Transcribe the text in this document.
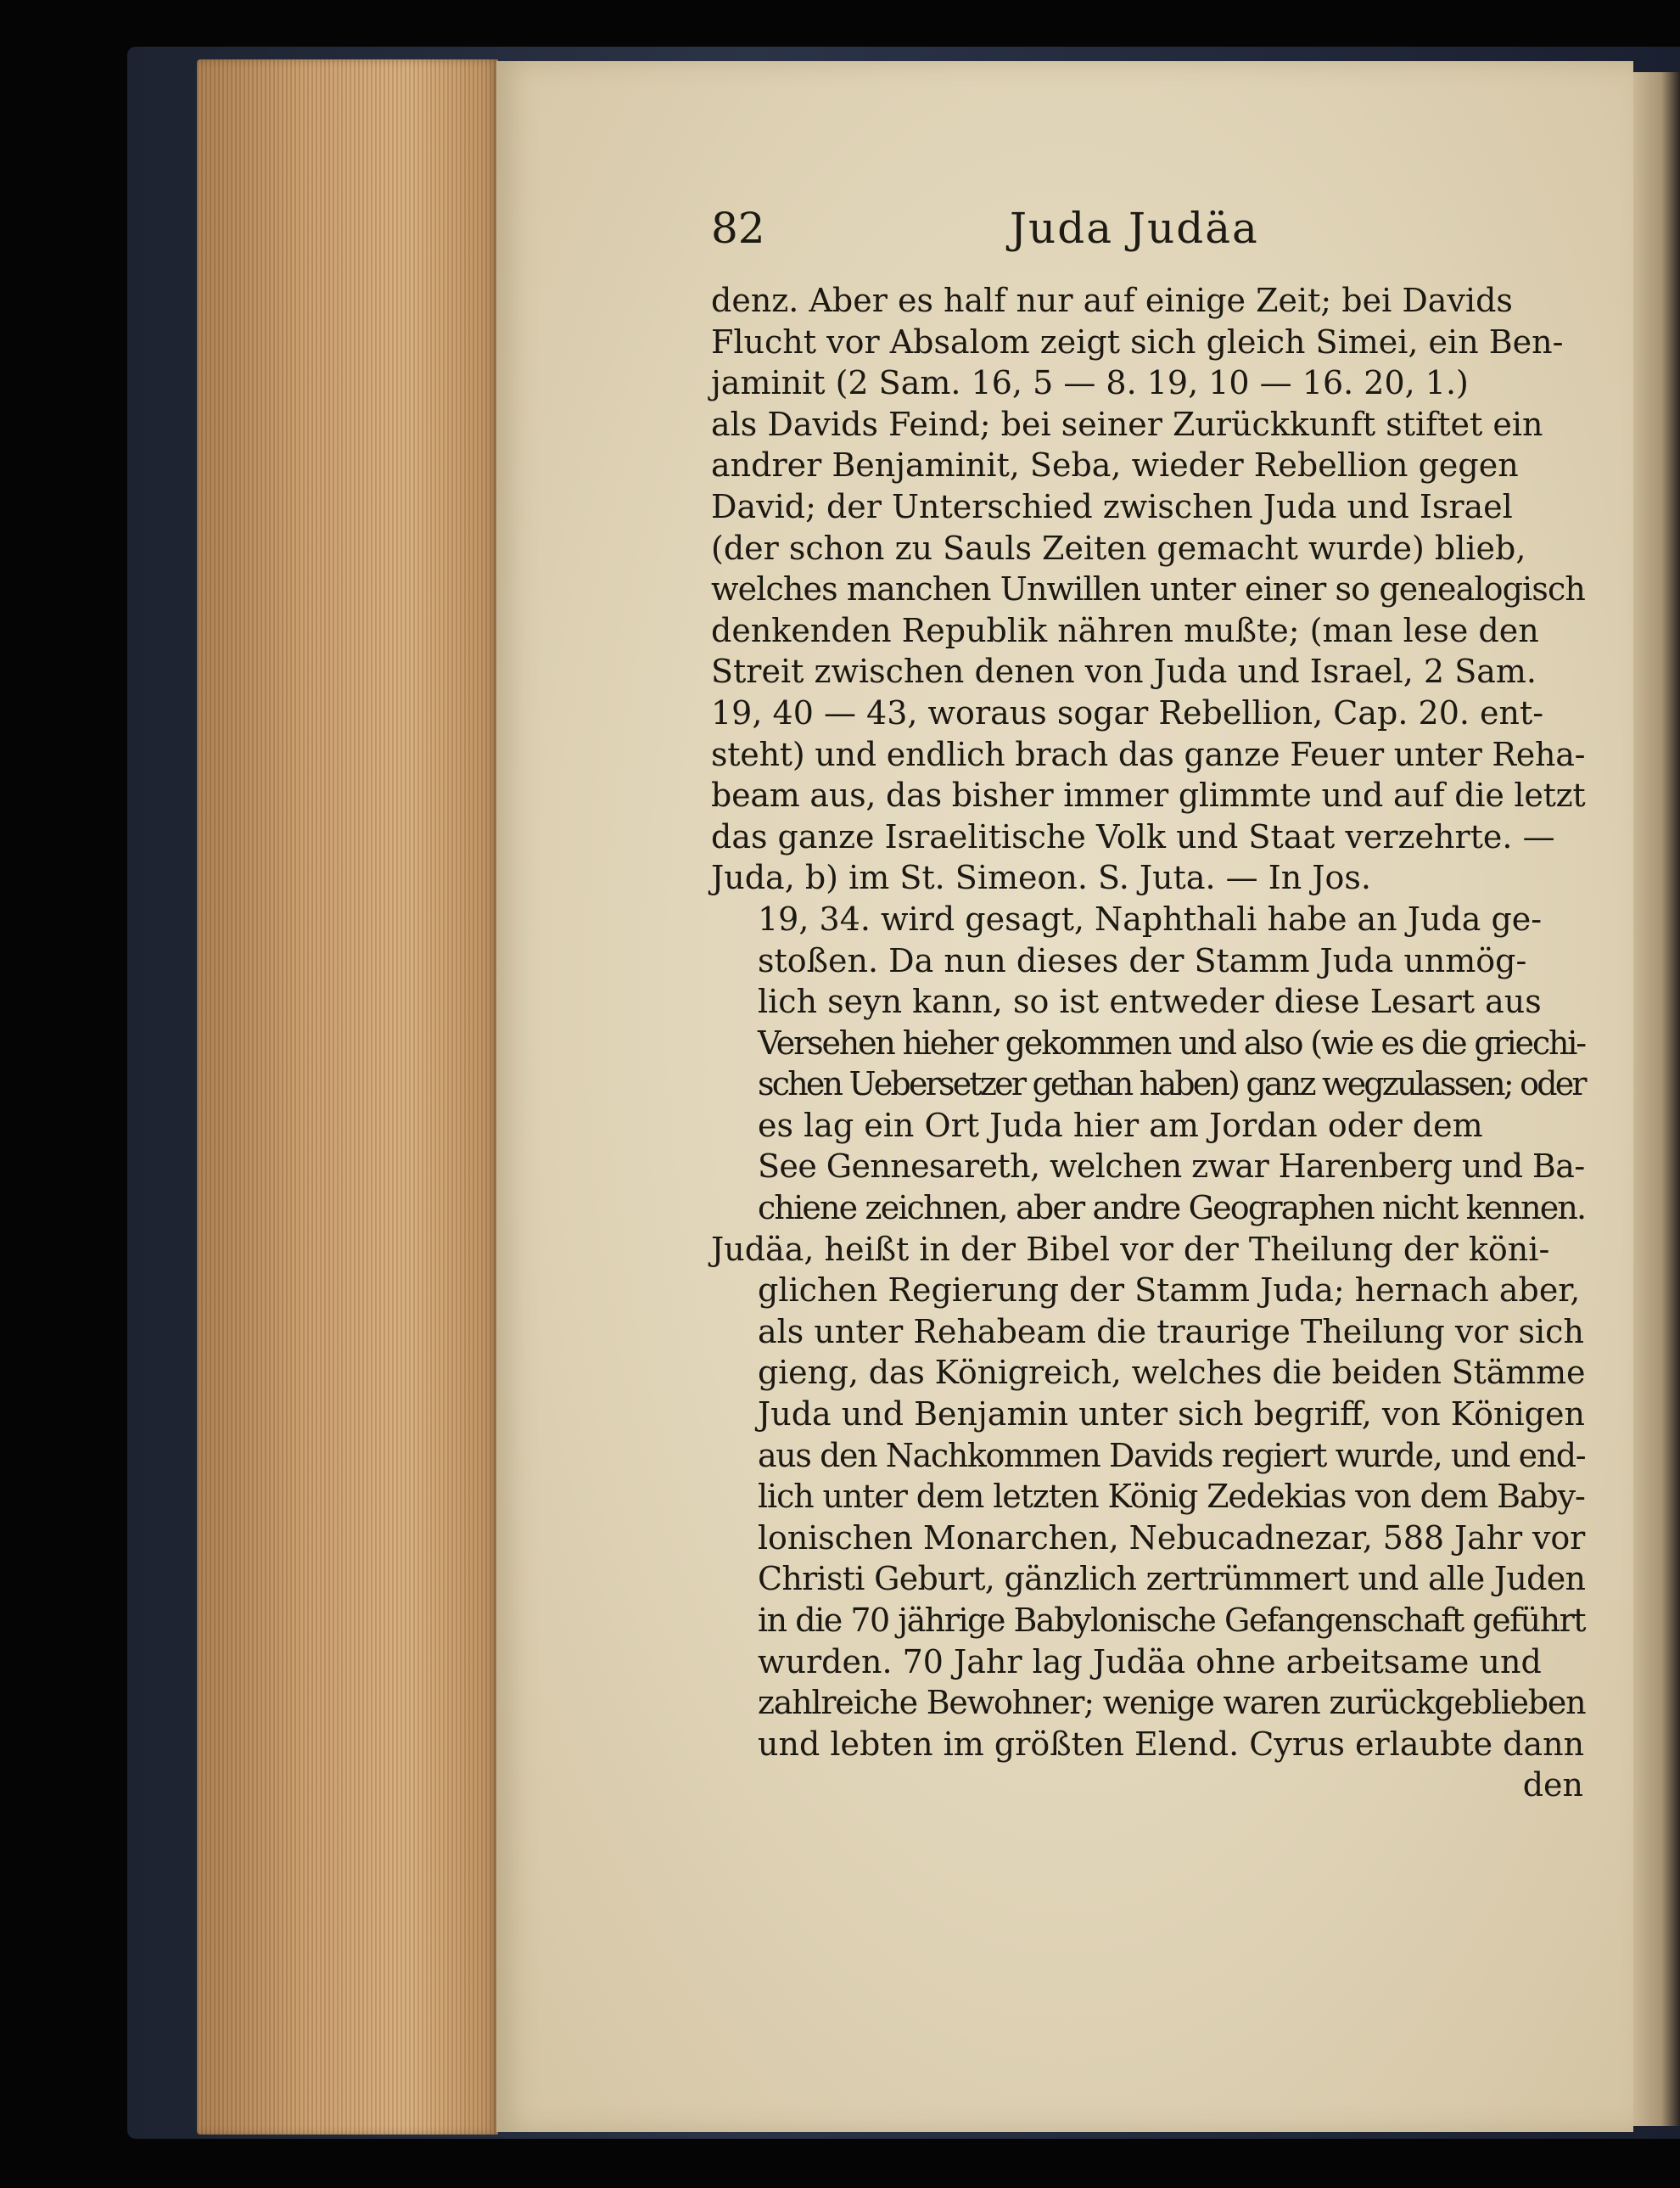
82	Juda Judäa
denz. Aber es half nur auf einige Zeit; bei Davids
Flucht vor Absalom zeigt sich gleich Simei, ein Ben-
jaminit (2 Sam. 16, 5 — 8. 19, 10 — 16. 20, 1.)
als Davids Feind; bei seiner Zurückkunft stiftet ein
andrer Benjaminit, Seba, wieder Rebellion gegen
David; der Unterschied zwischen Juda und Israel
(der schon zu Sauls Zeiten gemacht wurde) blieb,
welches manchen Unwillen unter einer so genealogisch
denkenden Republik nähren mußte; (man lese den
Streit zwischen denen von Juda und Israel, 2 Sam.
19, 40 — 43, woraus sogar Rebellion, Cap. 20. ent-
steht) und endlich brach das ganze Feuer unter Reha-
beam aus, das bisher immer glimmte und auf die letzt
das ganze Israelitische Volk und Staat verzehrte. —
Juda, b) im St. Simeon. S. Juta. — In Jos.
19, 34. wird gesagt, Naphthali habe an Juda ge-
stoßen. Da nun dieses der Stamm Juda unmög-
lich seyn kann, so ist entweder diese Lesart aus
Versehen hieher gekommen und also (wie es die griechi-
schen Uebersetzer gethan haben) ganz wegzulassen; oder
es lag ein Ort Juda hier am Jordan oder dem
See Gennesareth, welchen zwar Harenberg und Ba-
chiene zeichnen, aber andre Geographen nicht kennen.
Judäa, heißt in der Bibel vor der Theilung der köni-
glichen Regierung der Stamm Juda; hernach aber,
als unter Rehabeam die traurige Theilung vor sich
gieng, das Königreich, welches die beiden Stämme
Juda und Benjamin unter sich begriff, von Königen
aus den Nachkommen Davids regiert wurde, und end-
lich unter dem letzten König Zedekias von dem Baby-
lonischen Monarchen, Nebucadnezar, 588 Jahr vor
Christi Geburt, gänzlich zertrümmert und alle Juden
in die 70 jährige Babylonische Gefangenschaft geführt
wurden. 70 Jahr lag Judäa ohne arbeitsame und
zahlreiche Bewohner; wenige waren zurückgeblieben
und lebten im größten Elend. Cyrus erlaubte dann
den
